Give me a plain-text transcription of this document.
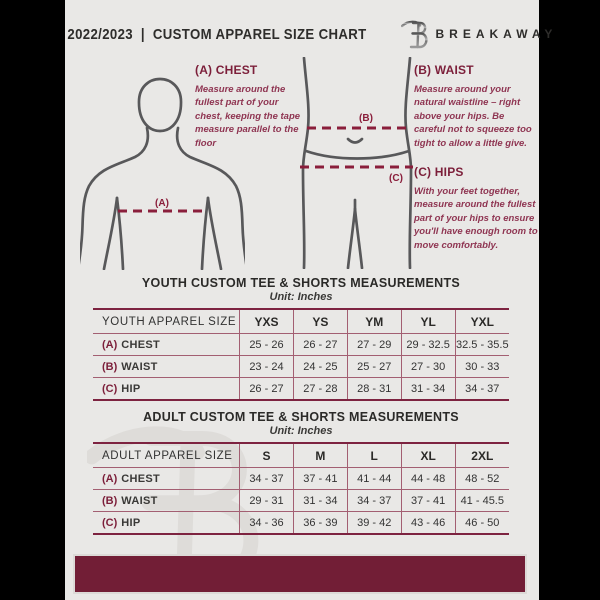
2022/2023 | CUSTOM APPAREL SIZE CHART	BREAKAWAY
(A)
(A) CHEST

Measure around the fullest part of your chest, keeping the tape measure parallel to the floor

(B)
(C)
(B) WAIST

Measure around your natural waistline – right above your hips. Be careful not to squeeze too tight to allow a little give.

(C) HIPS

With your feet together, measure around the fullest part of your hips to ensure you'll have enough room to move comfortably.

YOUTH CUSTOM TEE & SHORTS MEASUREMENTS

Unit: Inches

YOUTH APPAREL SIZE	YXS	YS	YM	YL	YXL
(A) CHEST	25 - 26	26 - 27	27 - 29	29 - 32.5	32.5 - 35.5
(B) WAIST	23 - 24	24 - 25	25 - 27	27 - 30	30 - 33
(C) HIP	26 - 27	27 - 28	28 - 31	31 - 34	34 - 37

ADULT CUSTOM TEE & SHORTS MEASUREMENTS

Unit: Inches

ADULT APPAREL SIZE	S	M	L	XL	2XL
(A) CHEST	34 - 37	37 - 41	41 - 44	44 - 48	48 - 52
(B) WAIST	29 - 31	31 - 34	34 - 37	37 - 41	41 - 45.5
(C) HIP	34 - 36	36 - 39	39 - 42	43 - 46	46 - 50
